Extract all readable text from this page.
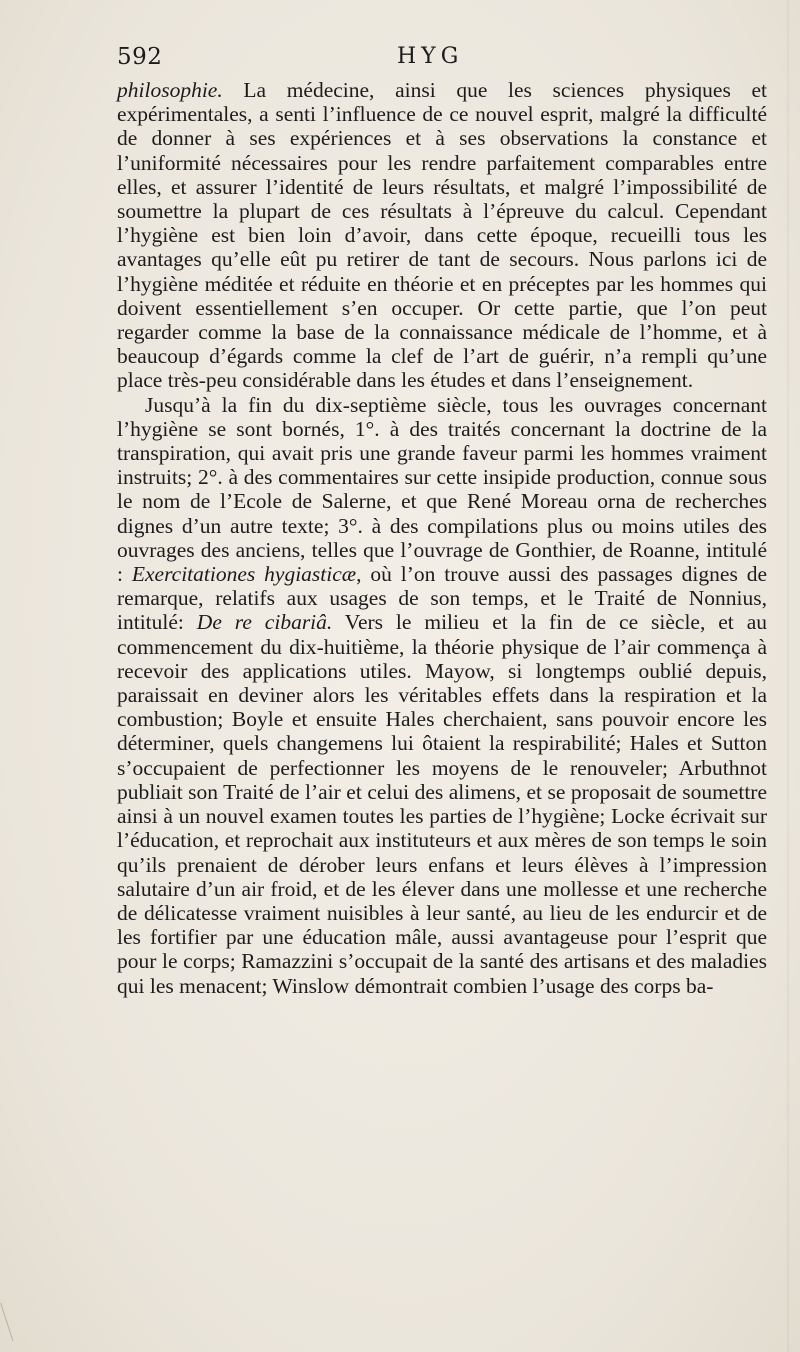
592	HYG

philosophie. La médecine, ainsi que les sciences physiques et expérimentales, a senti l’influence de ce nouvel esprit, malgré la difficulté de donner à ses expériences et à ses observations la constance et l’uniformité nécessaires pour les rendre parfaitement comparables entre elles, et assurer l’identité de leurs résultats, et malgré l’impossibilité de soumettre la plupart de ces résultats à l’épreuve du calcul. Cependant l’hygiène est bien loin d’avoir, dans cette époque, recueilli tous les avantages qu’elle eût pu retirer de tant de secours. Nous parlons ici de l’hygiène méditée et réduite en théorie et en préceptes par les hommes qui doivent essentiellement s’en occuper. Or cette partie, que l’on peut regarder comme la base de la connaissance médicale de l’homme, et à beaucoup d’égards comme la clef de l’art de guérir, n’a rempli qu’une place très-peu considérable dans les études et dans l’enseignement.

Jusqu’à la fin du dix-septième siècle, tous les ouvrages concernant l’hygiène se sont bornés, 1°. à des traités concernant la doctrine de la transpiration, qui avait pris une grande faveur parmi les hommes vraiment instruits; 2°. à des commentaires sur cette insipide production, connue sous le nom de l’Ecole de Salerne, et que René Moreau orna de recherches dignes d’un autre texte; 3°. à des compilations plus ou moins utiles des ouvrages des anciens, telles que l’ouvrage de Gonthier, de Roanne, intitulé : Exercitationes hygiasticæ, où l’on trouve aussi des passages dignes de remarque, relatifs aux usages de son temps, et le Traité de Nonnius, intitulé: De re cibariâ. Vers le milieu et la fin de ce siècle, et au commencement du dix-huitième, la théorie physique de l’air commença à recevoir des applications utiles. Mayow, si longtemps oublié depuis, paraissait en deviner alors les véritables effets dans la respiration et la combustion; Boyle et ensuite Hales cherchaient, sans pouvoir encore les déterminer, quels changemens lui ôtaient la respirabilité; Hales et Sutton s’occupaient de perfectionner les moyens de le renouveler; Arbuthnot publiait son Traité de l’air et celui des alimens, et se proposait de soumettre ainsi à un nouvel examen toutes les parties de l’hygiène; Locke écrivait sur l’éducation, et reprochait aux instituteurs et aux mères de son temps le soin qu’ils prenaient de dérober leurs enfans et leurs élèves à l’impression salutaire d’un air froid, et de les élever dans une mollesse et une recherche de délicatesse vraiment nuisibles à leur santé, au lieu de les endurcir et de les fortifier par une éducation mâle, aussi avantageuse pour l’esprit que pour le corps; Ramazzini s’occupait de la santé des artisans et des maladies qui les menacent; Winslow démontrait combien l’usage des corps ba-
